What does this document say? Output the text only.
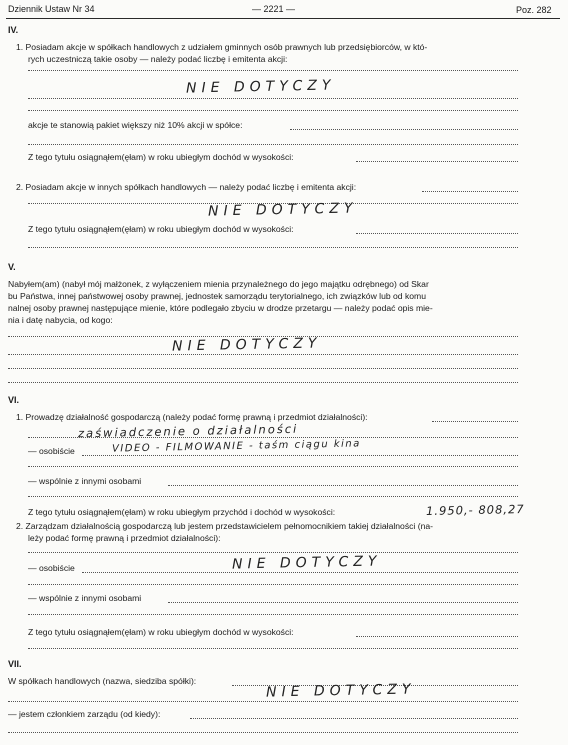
Dziennik Ustaw Nr 34	— 2221 —	Poz. 282
IV.
1. Posiadam akcje w spółkach handlowych z udziałem gminnych osób prawnych lub przedsiębiorców, w któ-
rych uczestniczą takie osoby — należy podać liczbę i emitenta akcji:
NIE DOTYCZY
akcje te stanowią pakiet większy niż 10% akcji w spółce:
Z tego tytułu osiągnąłem(ęłam) w roku ubiegłym dochód w wysokości:
2. Posiadam akcje w innych spółkach handlowych — należy podać liczbę i emitenta akcji:
NIE DOTYCZY
Z tego tytułu osiągnąłem(ęłam) w roku ubiegłym dochód w wysokości:
V.
Nabyłem(am) (nabył mój małżonek, z wyłączeniem mienia przynależnego do jego majątku odrębnego) od Skar
bu Państwa, innej państwowej osoby prawnej, jednostek samorządu terytorialnego, ich związków lub od komu
nalnej osoby prawnej następujące mienie, które podlegało zbyciu w drodze przetargu — należy podać opis mie-
nia i datę nabycia, od kogo:
NIE DOTYCZY
VI.
1. Prowadzę działalność gospodarczą (należy podać formę prawną i przedmiot działalności):
zaświadczenie o działalności
— osobiście	VIDEO - FILMOWANIE - taśm ciągu kina
— wspólnie z innymi osobami
Z tego tytułu osiągnąłem(ęłam) w roku ubiegłym przychód i dochód w wysokości:	1.950,- 808,27
2. Zarządzam działalnością gospodarczą lub jestem przedstawicielem pełnomocnikiem takiej działalności (na-
leży podać formę prawną i przedmiot działalności):
— osobiście	NIE DOTYCZY
— wspólnie z innymi osobami
Z tego tytułu osiągnąłem(ęłam) w roku ubiegłym dochód w wysokości:
VII.
W spółkach handlowych (nazwa, siedziba spółki):
NIE DOTYCZY
— jestem członkiem zarządu (od kiedy):
